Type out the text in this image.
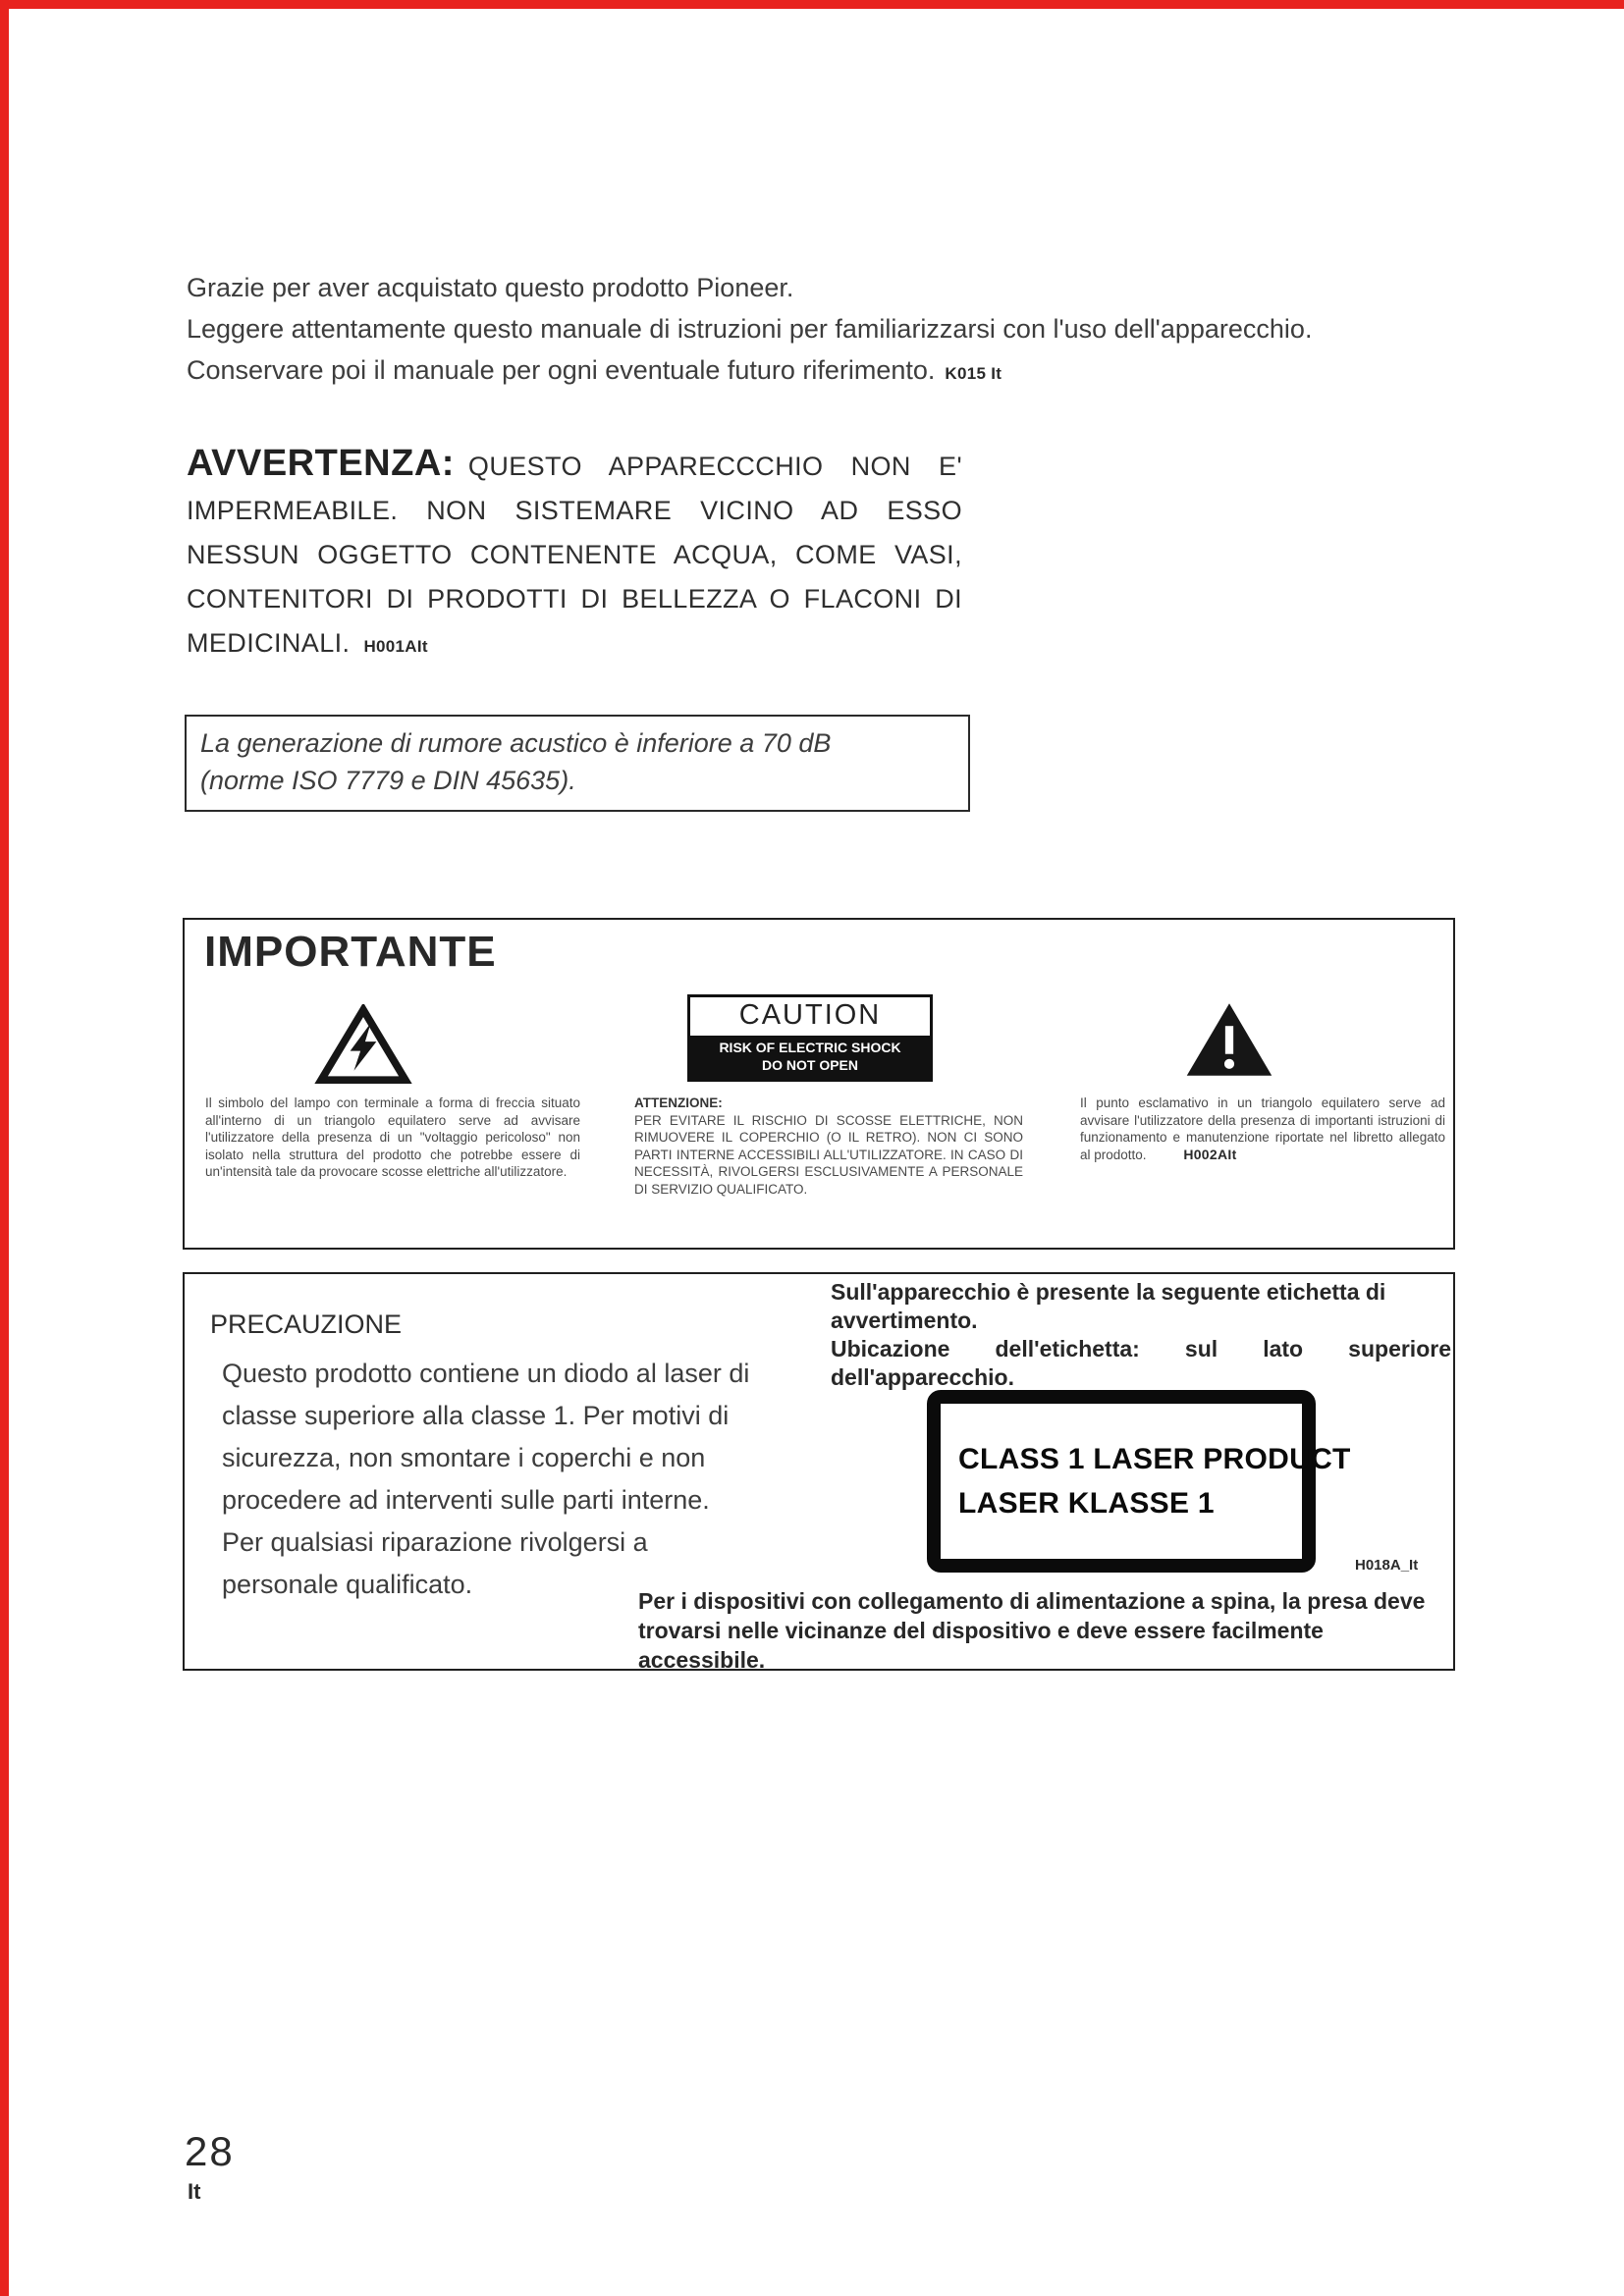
Grazie per aver acquistato questo prodotto Pioneer.
Leggere attentamente questo manuale di istruzioni per familiarizzarsi con l'uso dell'apparecchio.
Conservare poi il manuale per ogni eventuale futuro riferimento. K015 It

AVVERTENZA: QUESTO APPARECCCHIO NON E' IMPERMEABILE. NON SISTEMARE VICINO AD ESSO NESSUN OGGETTO CONTENENTE ACQUA, COME VASI, CONTENITORI DI PRODOTTI DI BELLEZZA O FLACONI DI MEDICINALI. H001AIt

La generazione di rumore acustico è inferiore a 70 dB
(norme ISO 7779 e DIN 45635).
IMPORTANTE
CAUTION
RISK OF ELECTRIC SHOCK
DO NOT OPEN

Il simbolo del lampo con terminale a forma di freccia situato all'interno di un triangolo equilatero serve ad avvisare l'utilizzatore della presenza di un "voltaggio pericoloso" non isolato nella struttura del prodotto che potrebbe essere di un'intensità tale da provocare scosse elettriche all'utilizzatore.

ATTENZIONE:
PER EVITARE IL RISCHIO DI SCOSSE ELETTRICHE, NON RIMUOVERE IL COPERCHIO (O IL RETRO). NON CI SONO PARTI INTERNE ACCESSIBILI ALL'UTILIZZATORE. IN CASO DI NECESSITÀ, RIVOLGERSI ESCLUSIVAMENTE A PERSONALE DI SERVIZIO QUALIFICATO.

Il punto esclamativo in un triangolo equilatero serve ad avvisare l'utilizzatore della presenza di importanti istruzioni di funzionamento e manutenzione riportate nel libretto allegato al prodotto.	H002AIt

PRECAUZIONE

Questo prodotto contiene un diodo al laser di classe superiore alla classe 1. Per motivi di sicurezza, non smontare i coperchi e non procedere ad interventi sulle parti interne. Per qualsiasi riparazione rivolgersi a personale qualificato.

Sull'apparecchio è presente la seguente etichetta di avvertimento.

Ubicazione dell'etichetta: sul lato superiore dell'apparecchio.

CLASS 1 LASER PRODUCT
LASER KLASSE 1
H018A_It

Per i dispositivi con collegamento di alimentazione a spina, la presa deve trovarsi nelle vicinanze del dispositivo e deve essere facilmente accessibile.

28
It
